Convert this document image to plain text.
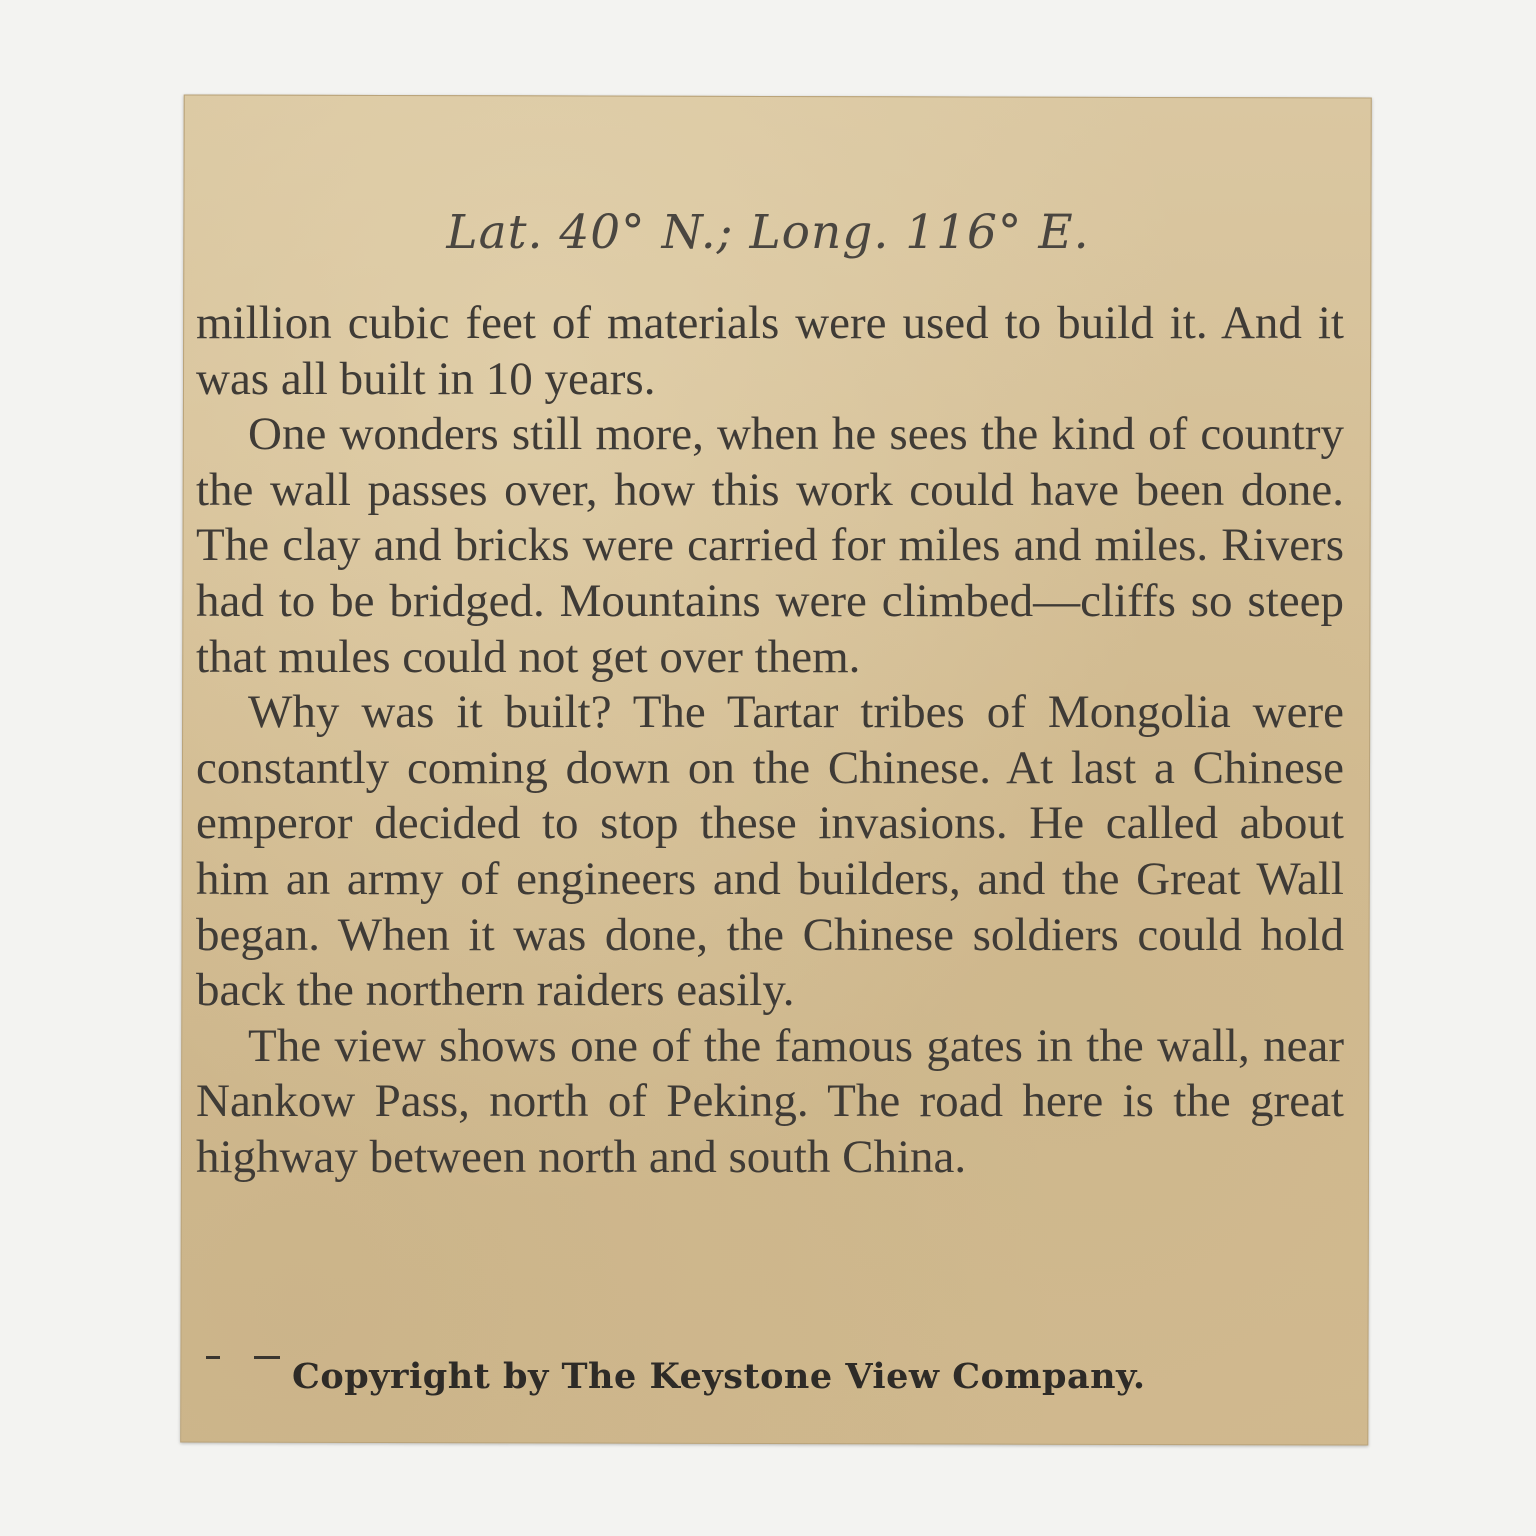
Lat. 40° N.; Long. 116° E.

million cubic feet of materials were used to build it. And it was all built in 10 years.

One wonders still more, when he sees the kind of country the wall passes over, how this work could have been done. The clay and bricks were carried for miles and miles. Rivers had to be bridged. Mountains were climbed—cliffs so steep that mules could not get over them.

Why was it built? The Tartar tribes of Mongolia were constantly coming down on the Chinese. At last a Chinese emperor decided to stop these invasions. He called about him an army of engineers and builders, and the Great Wall began. When it was done, the Chinese soldiers could hold back the northern raiders easily.

The view shows one of the famous gates in the wall, near Nankow Pass, north of Peking. The road here is the great highway between north and south China.

Copyright by The Keystone View Company.
